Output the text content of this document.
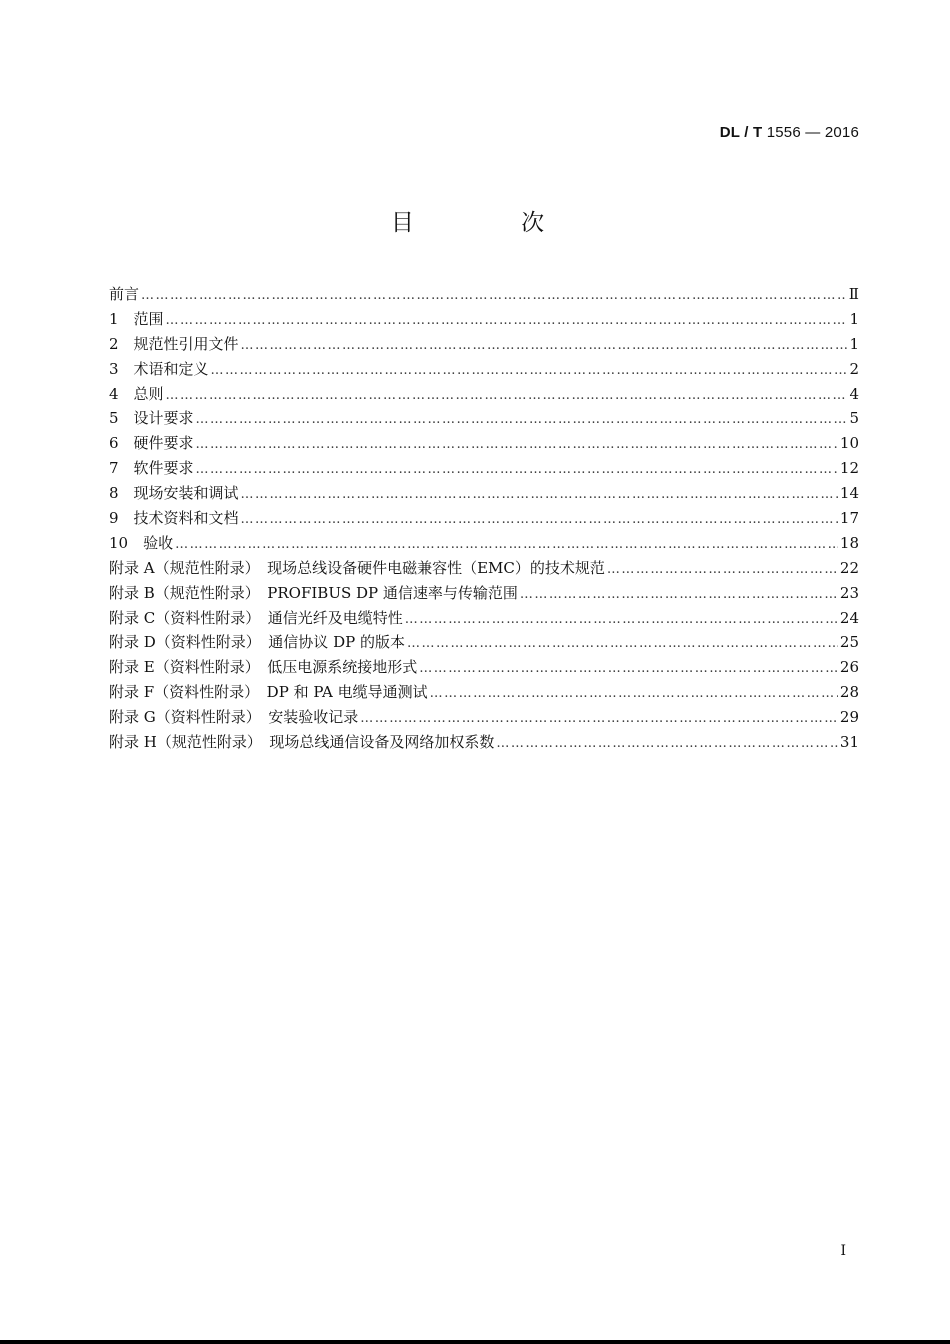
DL / T 1556 — 2016
目 次
前言 ……………………………………………………………………………………………………………………………………………………………………………………………………………………………………………………	Ⅱ
1　范围 ……………………………………………………………………………………………………………………………………………………………………………………………………………………………………………………	1
2　规范性引用文件 ……………………………………………………………………………………………………………………………………………………………………………………………………………………………………………………	1
3　术语和定义 ……………………………………………………………………………………………………………………………………………………………………………………………………………………………………………………	2
4　总则 ……………………………………………………………………………………………………………………………………………………………………………………………………………………………………………………	4
5　设计要求 ……………………………………………………………………………………………………………………………………………………………………………………………………………………………………………………	5
6　硬件要求 ……………………………………………………………………………………………………………………………………………………………………………………………………………………………………………………	10
7　软件要求 ……………………………………………………………………………………………………………………………………………………………………………………………………………………………………………………	12
8　现场安装和调试 ……………………………………………………………………………………………………………………………………………………………………………………………………………………………………………………	14
9　技术资料和文档 ……………………………………………………………………………………………………………………………………………………………………………………………………………………………………………………	17
10　验收 ……………………………………………………………………………………………………………………………………………………………………………………………………………………………………………………	18
附录 A（规范性附录）　现场总线设备硬件电磁兼容性（EMC）的技术规范 ……………………………………………………………………………………………………………………………………………………………………………………………………………………………………………………	22
附录 B（规范性附录）　PROFIBUS DP 通信速率与传输范围 ……………………………………………………………………………………………………………………………………………………………………………………………………………………………………………………	23
附录 C（资料性附录）　通信光纤及电缆特性 ……………………………………………………………………………………………………………………………………………………………………………………………………………………………………………………	24
附录 D（资料性附录）　通信协议 DP 的版本 ……………………………………………………………………………………………………………………………………………………………………………………………………………………………………………………	25
附录 E（资料性附录）　低压电源系统接地形式 ……………………………………………………………………………………………………………………………………………………………………………………………………………………………………………………	26
附录 F（资料性附录）　DP 和 PA 电缆导通测试 ……………………………………………………………………………………………………………………………………………………………………………………………………………………………………………………	28
附录 G（资料性附录）　安装验收记录 ……………………………………………………………………………………………………………………………………………………………………………………………………………………………………………………	29
附录 H（规范性附录）　现场总线通信设备及网络加权系数 ……………………………………………………………………………………………………………………………………………………………………………………………………………………………………………………	31
I
